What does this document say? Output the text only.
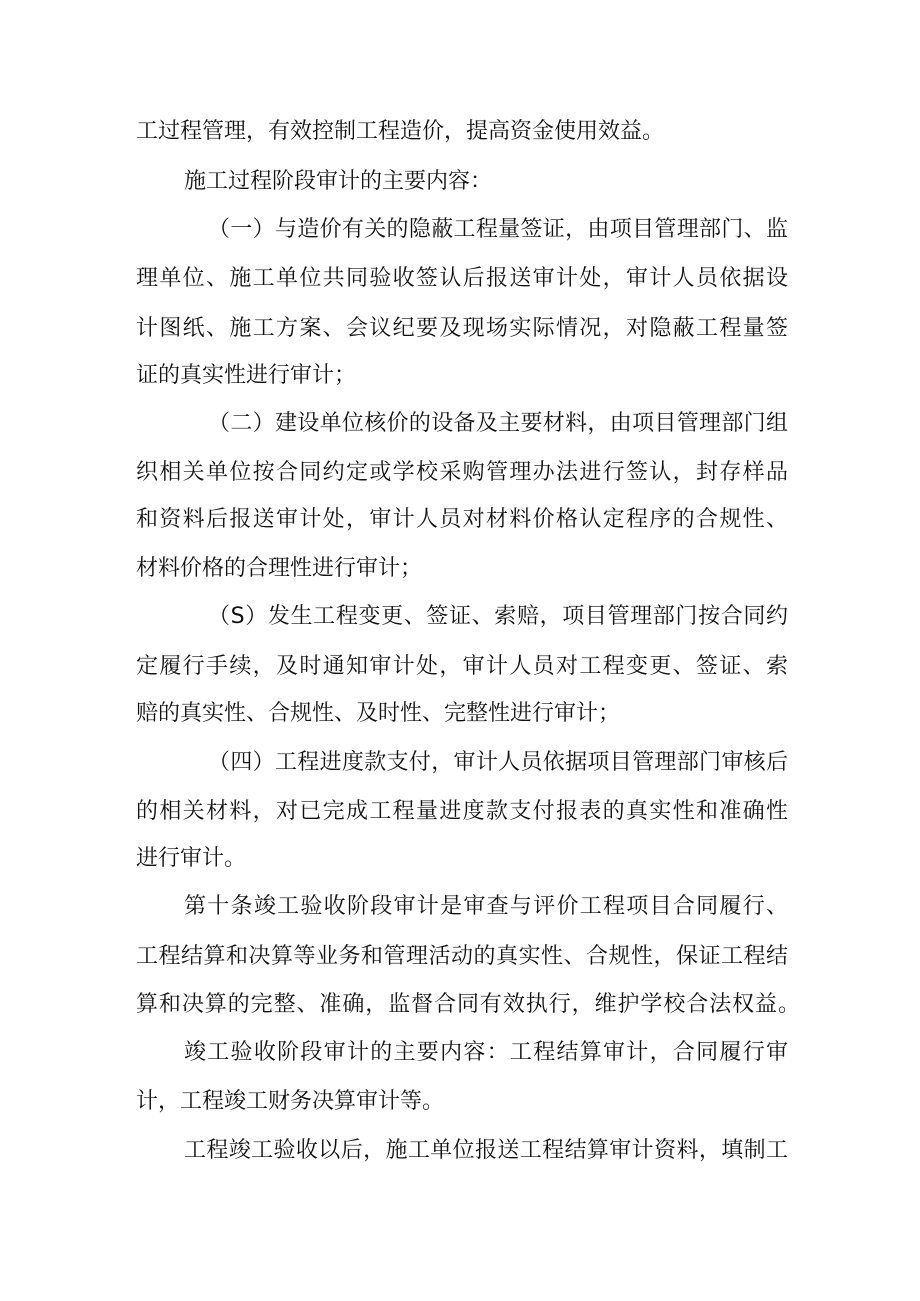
工过程管理，有效控制工程造价，提高资金使用效益。

施工过程阶段审计的主要内容：

（一）与造价有关的隐蔽工程量签证，由项目管理部门、监

理单位、施工单位共同验收签认后报送审计处，审计人员依据设

计图纸、施工方案、会议纪要及现场实际情况，对隐蔽工程量签

证的真实性进行审计；

（二）建设单位核价的设备及主要材料，由项目管理部门组

织相关单位按合同约定或学校采购管理办法进行签认，封存样品

和资料后报送审计处，审计人员对材料价格认定程序的合规性、

材料价格的合理性进行审计；

（S）发生工程变更、签证、索赔，项目管理部门按合同约

定履行手续，及时通知审计处，审计人员对工程变更、签证、索

赔的真实性、合规性、及时性、完整性进行审计；

（四）工程进度款支付，审计人员依据项目管理部门审核后

的相关材料，对已完成工程量进度款支付报表的真实性和准确性

进行审计。

第十条竣工验收阶段审计是审查与评价工程项目合同履行、

工程结算和决算等业务和管理活动的真实性、合规性，保证工程结

算和决算的完整、准确，监督合同有效执行，维护学校合法权益。

竣工验收阶段审计的主要内容：工程结算审计，合同履行审

计，工程竣工财务决算审计等。

工程竣工验收以后，施工单位报送工程结算审计资料，填制工
